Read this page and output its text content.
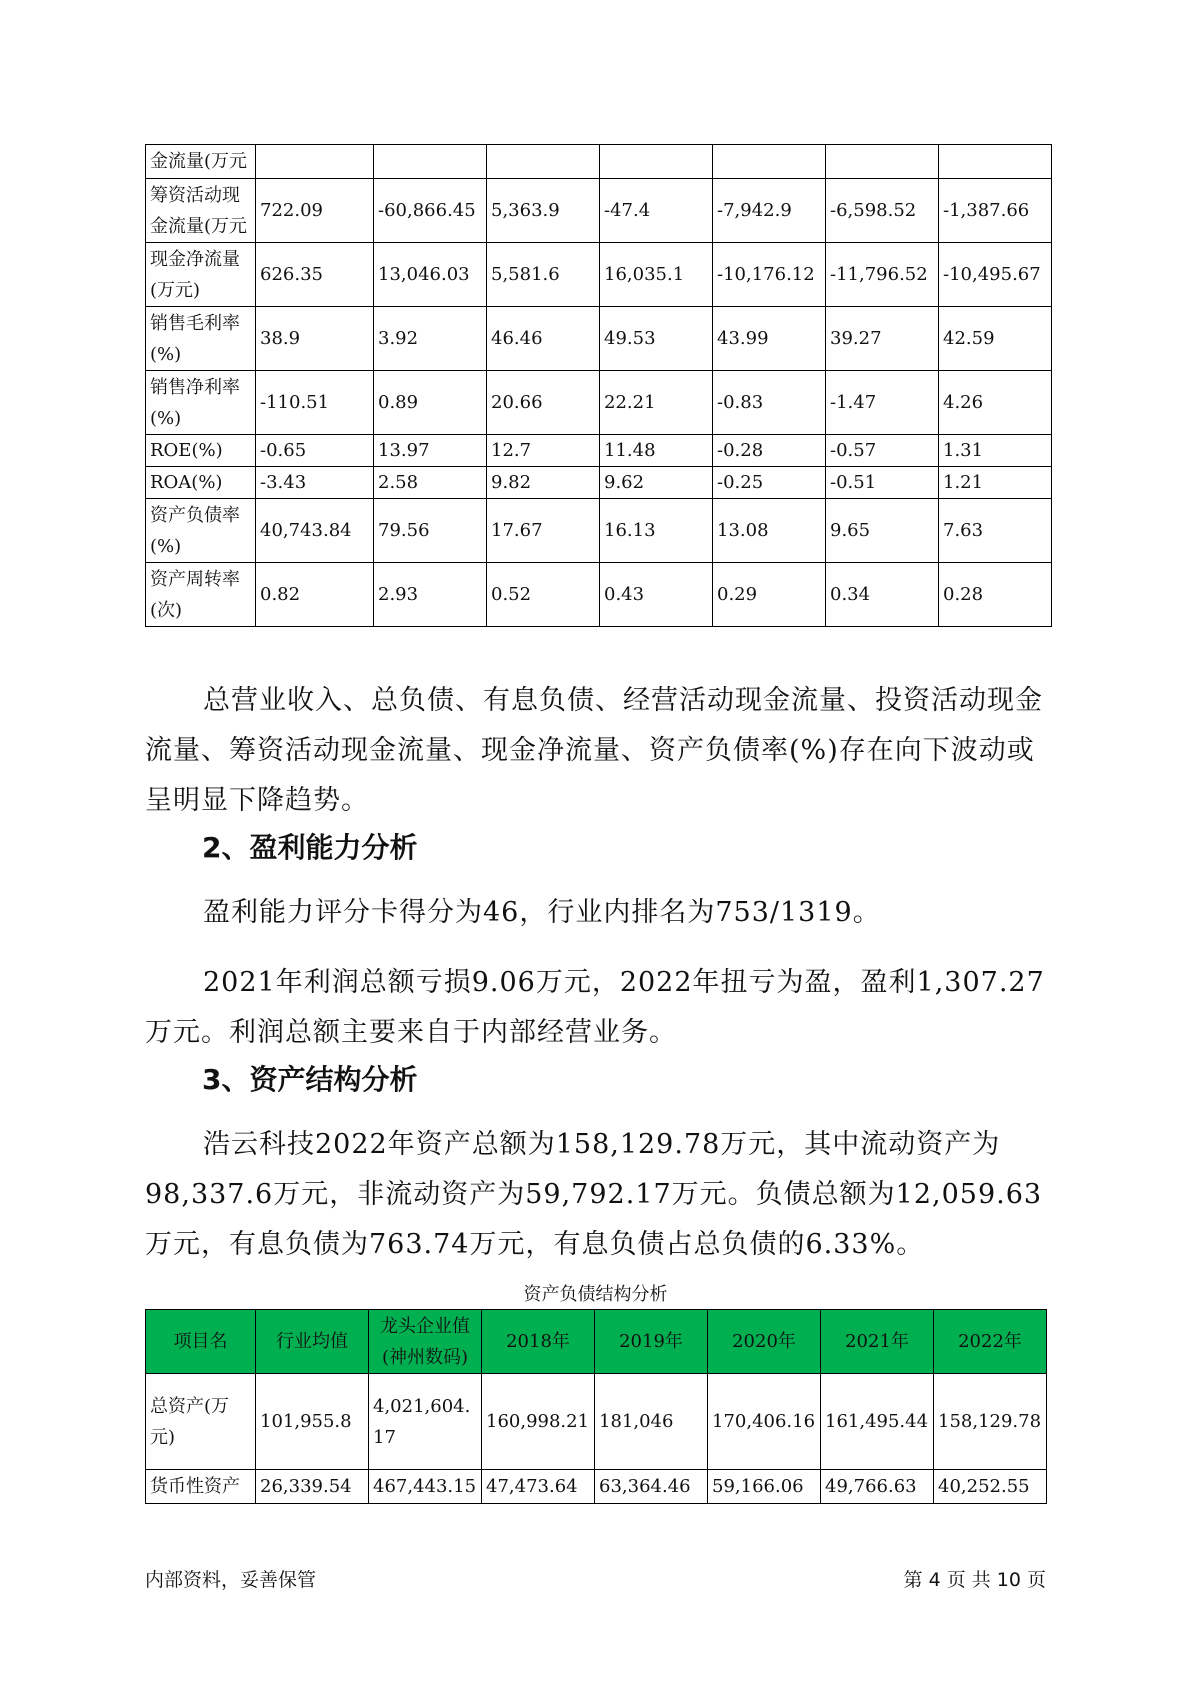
金流量(万元							
筹资活动现金流量(万元	722.09	-60,866.45	5,363.9	-47.4	-7,942.9	-6,598.52	-1,387.66
现金净流量(万元)	626.35	13,046.03	5,581.6	16,035.1	-10,176.12	-11,796.52	-10,495.67
销售毛利率(%)	38.9	3.92	46.46	49.53	43.99	39.27	42.59
销售净利率(%)	-110.51	0.89	20.66	22.21	-0.83	-1.47	4.26
ROE(%)	-0.65	13.97	12.7	11.48	-0.28	-0.57	1.31
ROA(%)	-3.43	2.58	9.82	9.62	-0.25	-0.51	1.21
资产负债率(%)	40,743.84	79.56	17.67	16.13	13.08	9.65	7.63
资产周转率(次)	0.82	2.93	0.52	0.43	0.29	0.34	0.28
总营业收入、总负债、有息负债、经营活动现金流量、投资活动现金流量、筹资活动现金流量、现金净流量、资产负债率(%)存在向下波动或呈明显下降趋势。
2、盈利能力分析
盈利能力评分卡得分为46，行业内排名为753/1319。
2021年利润总额亏损9.06万元，2022年扭亏为盈，盈利1,307.27万元。利润总额主要来自于内部经营业务。
3、资产结构分析
浩云科技2022年资产总额为158,129.78万元，其中流动资产为98,337.6万元，非流动资产为59,792.17万元。负债总额为12,059.63万元，有息负债为763.74万元，有息负债占总负债的6.33%。
资产负债结构分析
项目名	行业均值	龙头企业值(神州数码)	2018年	2019年	2020年	2021年	2022年
总资产(万元)	101,955.8	4,021,604.17	160,998.21	181,046	170,406.16	161,495.44	158,129.78
货币性资产	26,339.54	467,443.15	47,473.64	63,364.46	59,166.06	49,766.63	40,252.55
内部资料，妥善保管	第 4 页 共 10 页
